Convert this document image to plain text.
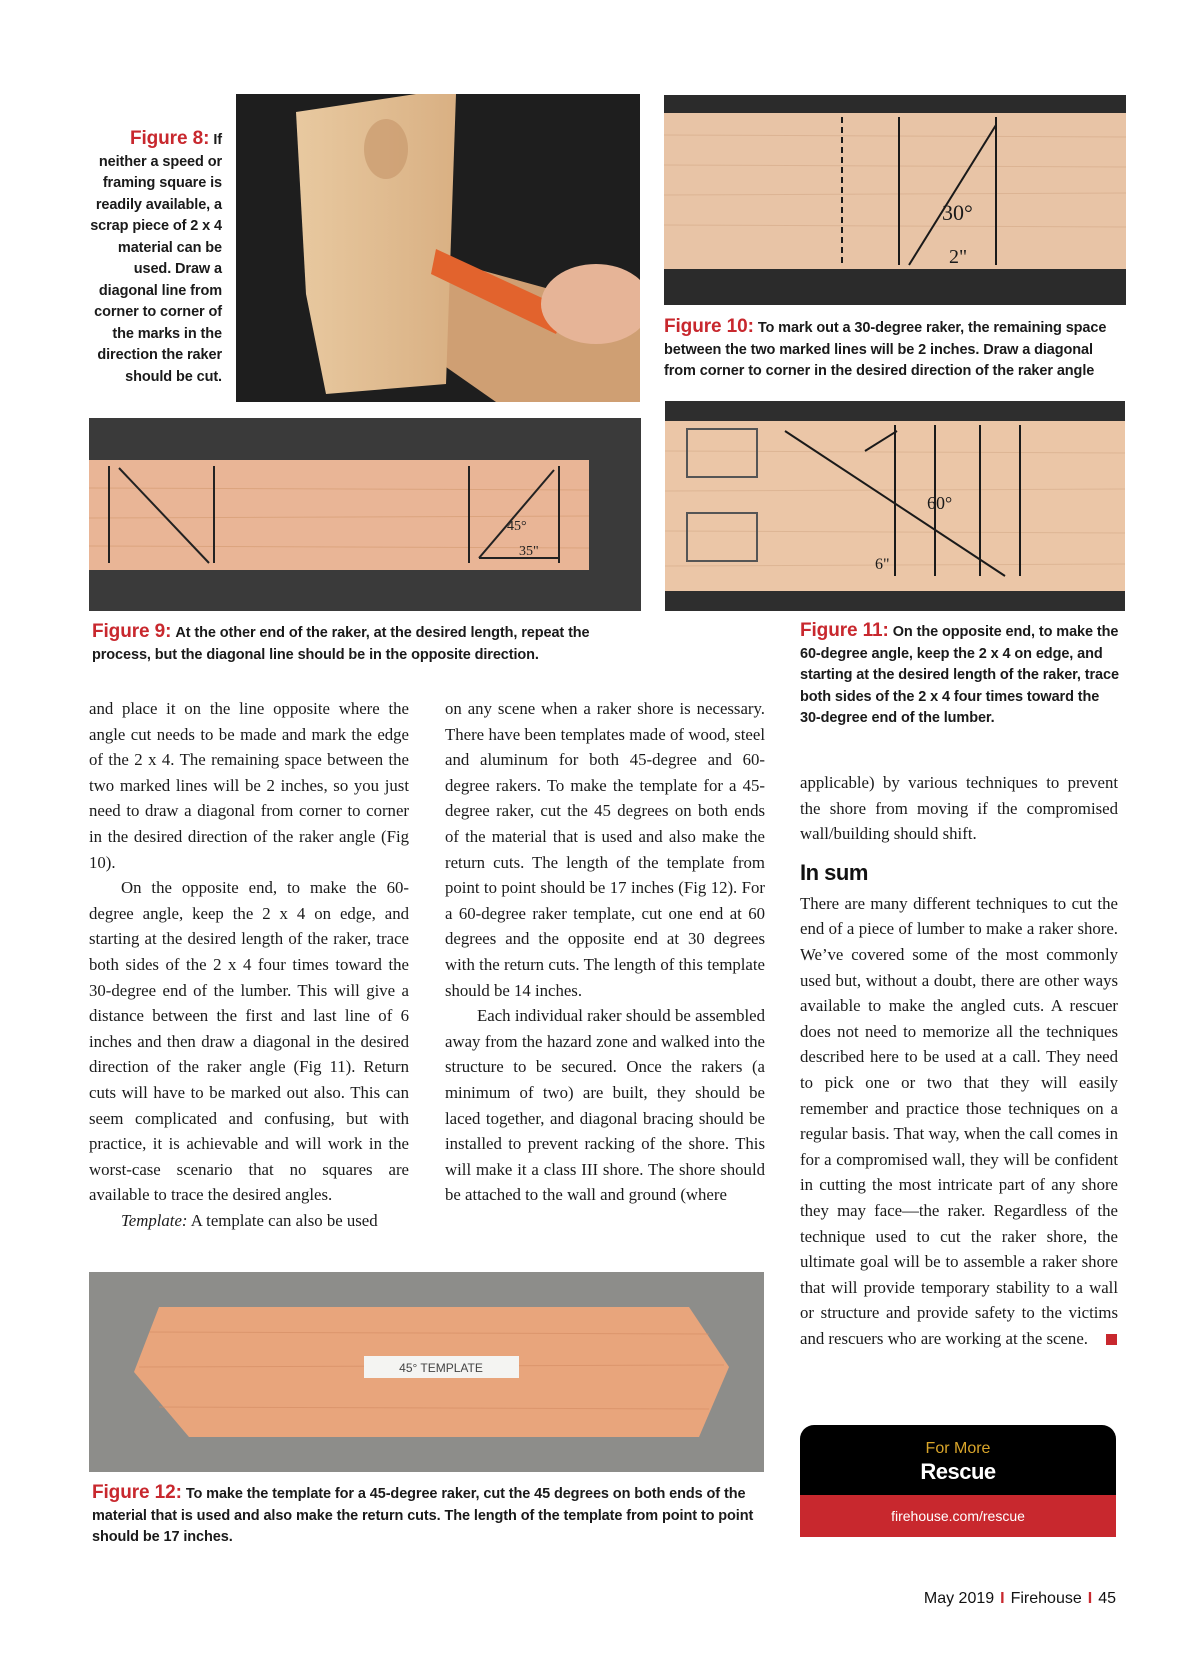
Figure 8: If neither a speed or framing square is readily available, a scrap piece of 2 x 4 material can be used. Draw a diagonal line from corner to corner of the marks in the direction the raker should be cut.
30°
2"
Figure 10: To mark out a 30-degree raker, the remaining space between the two marked lines will be 2 inches. Draw a diagonal from corner to corner in the desired direction of the raker angle
45°
35"
Figure 9: At the other end of the raker, at the desired length, repeat the process, but the diagonal line should be in the opposite direction.
60°
6"
Figure 11: On the opposite end, to make the 60-degree angle, keep the 2 x 4 on edge, and starting at the desired length of the raker, trace both sides of the 2 x 4 four times toward the 30-degree end of the lumber.

and place it on the line opposite where the angle cut needs to be made and mark the edge of the 2 x 4. The remaining space between the two marked lines will be 2 inches, so you just need to draw a diagonal from corner to corner in the desired direction of the raker angle (Fig 10).

On the opposite end, to make the 60-degree angle, keep the 2 x 4 on edge, and starting at the desired length of the raker, trace both sides of the 2 x 4 four times toward the 30-degree end of the lumber. This will give a distance between the first and last line of 6 inches and then draw a diagonal in the desired direction of the raker angle (Fig 11). Return cuts will have to be marked out also. This can seem complicated and confusing, but with practice, it is achievable and will work in the worst-case scenario that no squares are available to trace the desired angles.

Template: A template can also be used

on any scene when a raker shore is necessary. There have been templates made of wood, steel and aluminum for both 45-degree and 60-degree rakers. To make the template for a 45-degree raker, cut the 45 degrees on both ends of the material that is used and also make the return cuts. The length of the template from point to point should be 17 inches (Fig 12). For a 60-degree raker template, cut one end at 60 degrees and the opposite end at 30 degrees with the return cuts. The length of this template should be 14 inches.

Each individual raker should be assembled away from the hazard zone and walked into the structure to be secured. Once the rakers (a minimum of two) are built, they should be laced together, and diagonal bracing should be installed to prevent racking of the shore. This will make it a class III shore. The shore should be attached to the wall and ground (where

applicable) by various techniques to prevent the shore from moving if the compromised wall/building should shift.

In sum

There are many different techniques to cut the end of a piece of lumber to make a raker shore. We’ve covered some of the most commonly used but, without a doubt, there are other ways available to make the angled cuts. A rescuer does not need to memorize all the techniques described here to be used at a call. They need to pick one or two that they will easily remember and practice those techniques on a regular basis. That way, when the call comes in for a compromised wall, they will be confident in cutting the most intricate part of any shore they may face—the raker. Regardless of the technique used to cut the raker shore, the ultimate goal will be to assemble a raker shore that will provide temporary stability to a wall or structure and provide safety to the victims and rescuers who are working at the scene.

45° TEMPLATE
Figure 12: To make the template for a 45-degree raker, cut the 45 degrees on both ends of the material that is used and also make the return cuts. The length of the template from point to point should be 17 inches.
For More
Rescue
firehouse.com/rescue
May 2019 I Firehouse I 45
